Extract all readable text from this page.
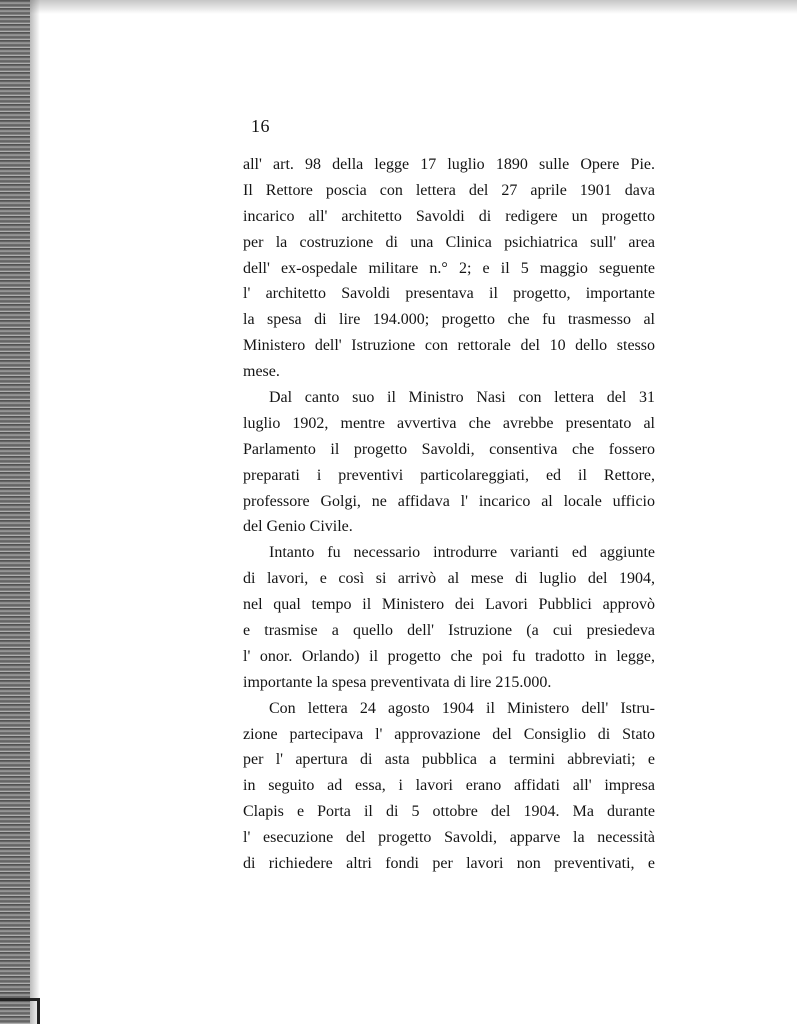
16
all' art. 98 della legge 17 luglio 1890 sulle Opere Pie.
Il Rettore poscia con lettera del 27 aprile 1901 dava
incarico all' architetto Savoldi di redigere un progetto
per la costruzione di una Clinica psichiatrica sull' area
dell' ex-ospedale militare n.° 2; e il 5 maggio seguente
l' architetto Savoldi presentava il progetto, importante
la spesa di lire 194.000; progetto che fu trasmesso al
Ministero dell' Istruzione con rettorale del 10 dello stesso
mese.
Dal canto suo il Ministro Nasi con lettera del 31
luglio 1902, mentre avvertiva che avrebbe presentato al
Parlamento il progetto Savoldi, consentiva che fossero
preparati i preventivi particolareggiati, ed il Rettore,
professore Golgi, ne affidava l' incarico al locale ufficio
del Genio Civile.
Intanto fu necessario introdurre varianti ed aggiunte
di lavori, e così si arrivò al mese di luglio del 1904,
nel qual tempo il Ministero dei Lavori Pubblici approvò
e trasmise a quello dell' Istruzione (a cui presiedeva
l' onor. Orlando) il progetto che poi fu tradotto in legge,
importante la spesa preventivata di lire 215.000.
Con lettera 24 agosto 1904 il Ministero dell' Istru-
zione partecipava l' approvazione del Consiglio di Stato
per l' apertura di asta pubblica a termini abbreviati; e
in seguito ad essa, i lavori erano affidati all' impresa
Clapis e Porta il di 5 ottobre del 1904. Ma durante
l' esecuzione del progetto Savoldi, apparve la necessità
di richiedere altri fondi per lavori non preventivati, e
